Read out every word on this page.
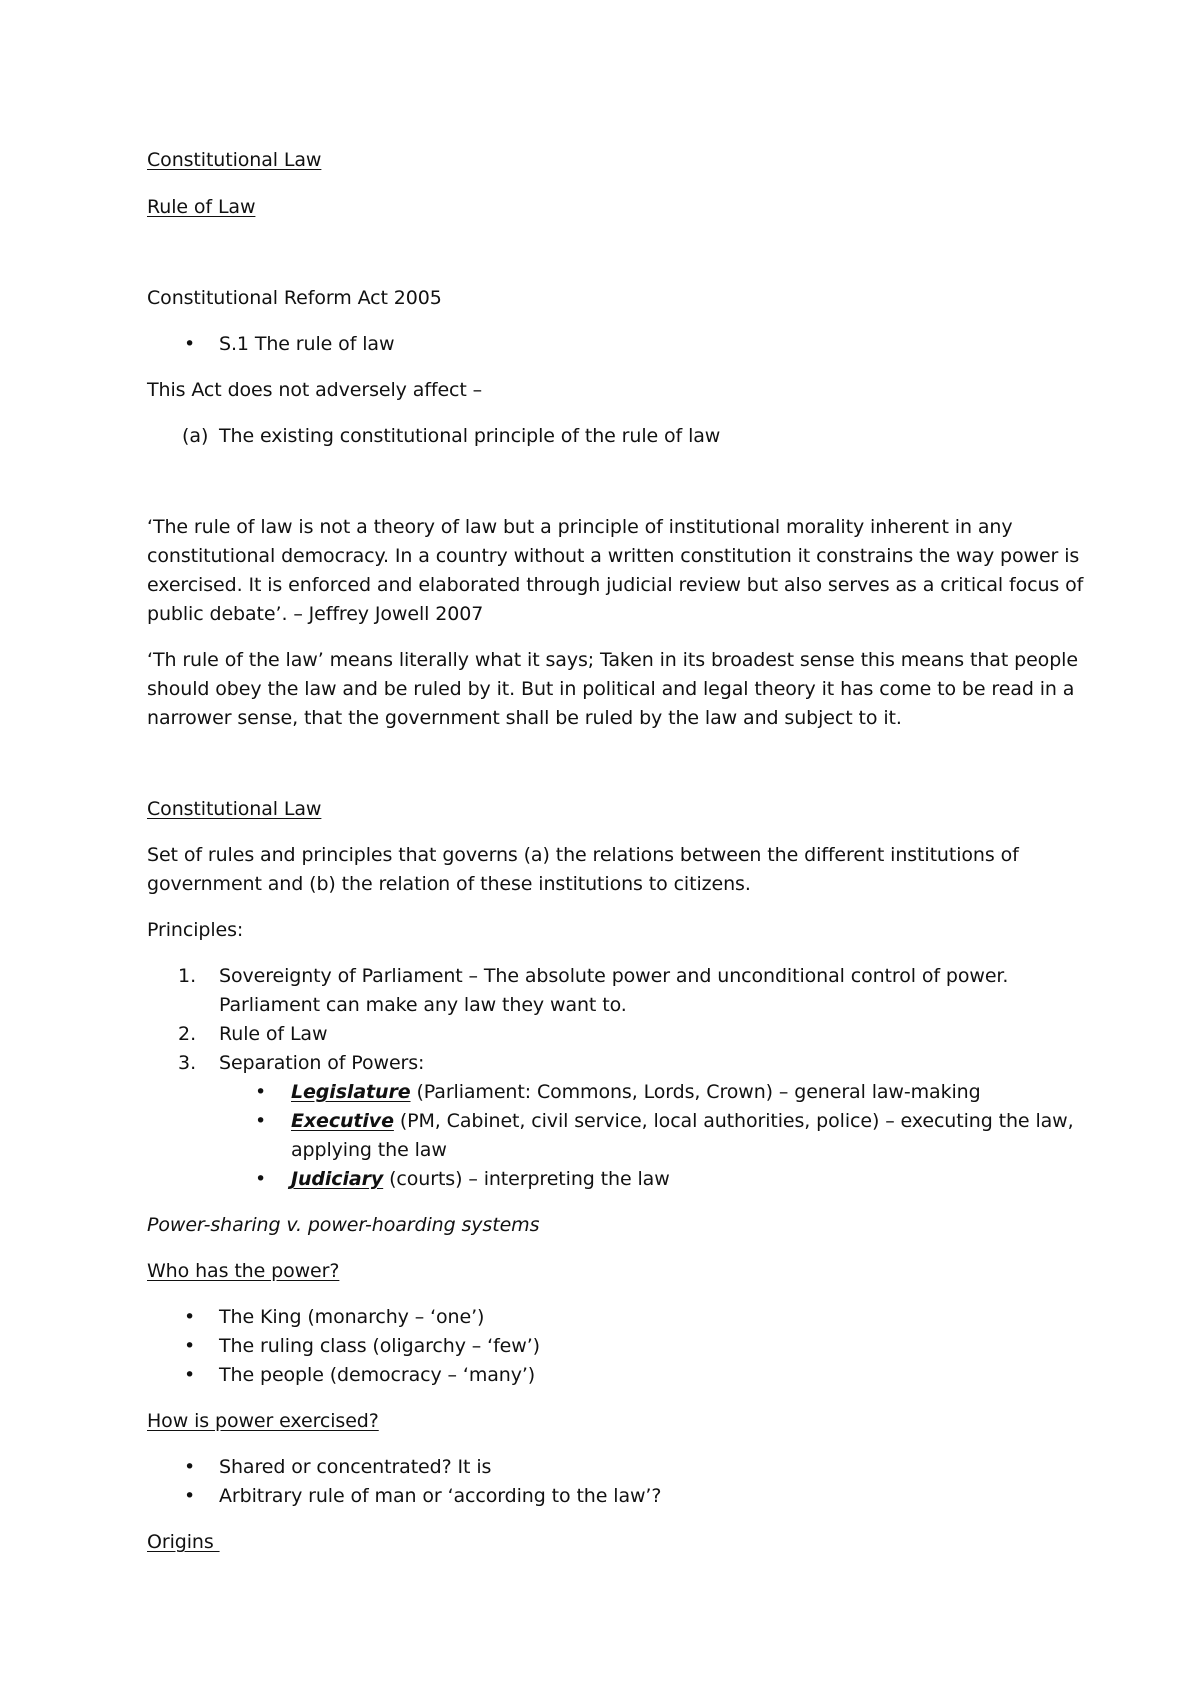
Constitutional Law

Rule of Law

Constitutional Reform Act 2005

• S.1 The rule of law

This Act does not adversely affect –

(a) The existing constitutional principle of the rule of law

‘The rule of law is not a theory of law but a principle of institutional morality inherent in any

constitutional democracy. In a country without a written constitution it constrains the way power is

exercised. It is enforced and elaborated through judicial review but also serves as a critical focus of

public debate’. – Jeffrey Jowell 2007

‘Th rule of the law’ means literally what it says; Taken in its broadest sense this means that people

should obey the law and be ruled by it. But in political and legal theory it has come to be read in a

narrower sense, that the government shall be ruled by the law and subject to it.

Constitutional Law

Set of rules and principles that governs (a) the relations between the different institutions of

government and (b) the relation of these institutions to citizens.

Principles:

1. Sovereignty of Parliament – The absolute power and unconditional control of power.

Parliament can make any law they want to.

2. Rule of Law

3. Separation of Powers:

• Legislature (Parliament: Commons, Lords, Crown) – general law-making

• Executive (PM, Cabinet, civil service, local authorities, police) – executing the law,

applying the law

• Judiciary (courts) – interpreting the law

Power-sharing v. power-hoarding systems

Who has the power?

• The King (monarchy – ‘one’)

• The ruling class (oligarchy – ‘few’)

• The people (democracy – ‘many’)

How is power exercised?

• Shared or concentrated? It is

• Arbitrary rule of man or ‘according to the law’?

Origins
